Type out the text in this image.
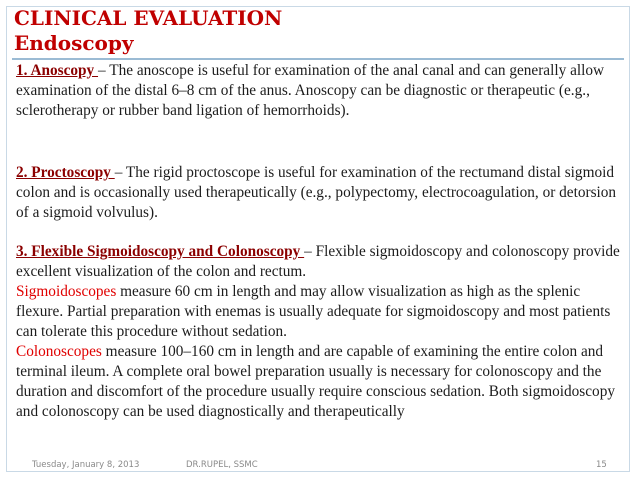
CLINICAL EVALUATION
Endoscopy

1. Anoscopy – The anoscope is useful for examination of the anal canal and can generally allow examination of the distal 6–8 cm of the anus. Anoscopy can be diagnostic or therapeutic (e.g., sclerotherapy or rubber band ligation of hemorrhoids).

2. Proctoscopy – The rigid proctoscope is useful for examination of the rectumand distal sigmoid colon and is occasionally used therapeutically (e.g., polypectomy, electrocoagulation, or detorsion of a sigmoid volvulus).

3. Flexible Sigmoidoscopy and Colonoscopy – Flexible sigmoidoscopy and colonoscopy provide excellent visualization of the colon and rectum.

Sigmoidoscopes measure 60 cm in length and may allow visualization as high as the splenic flexure. Partial preparation with enemas is usually adequate for sigmoidoscopy and most patients can tolerate this procedure without sedation.

Colonoscopes measure 100–160 cm in length and are capable of examining the entire colon and terminal ileum. A complete oral bowel preparation usually is necessary for colonoscopy and the duration and discomfort of the procedure usually require conscious sedation. Both sigmoidoscopy and colonoscopy can be used diagnostically and therapeutically

Tuesday, January 8, 2013	DR.RUPEL, SSMC	15
